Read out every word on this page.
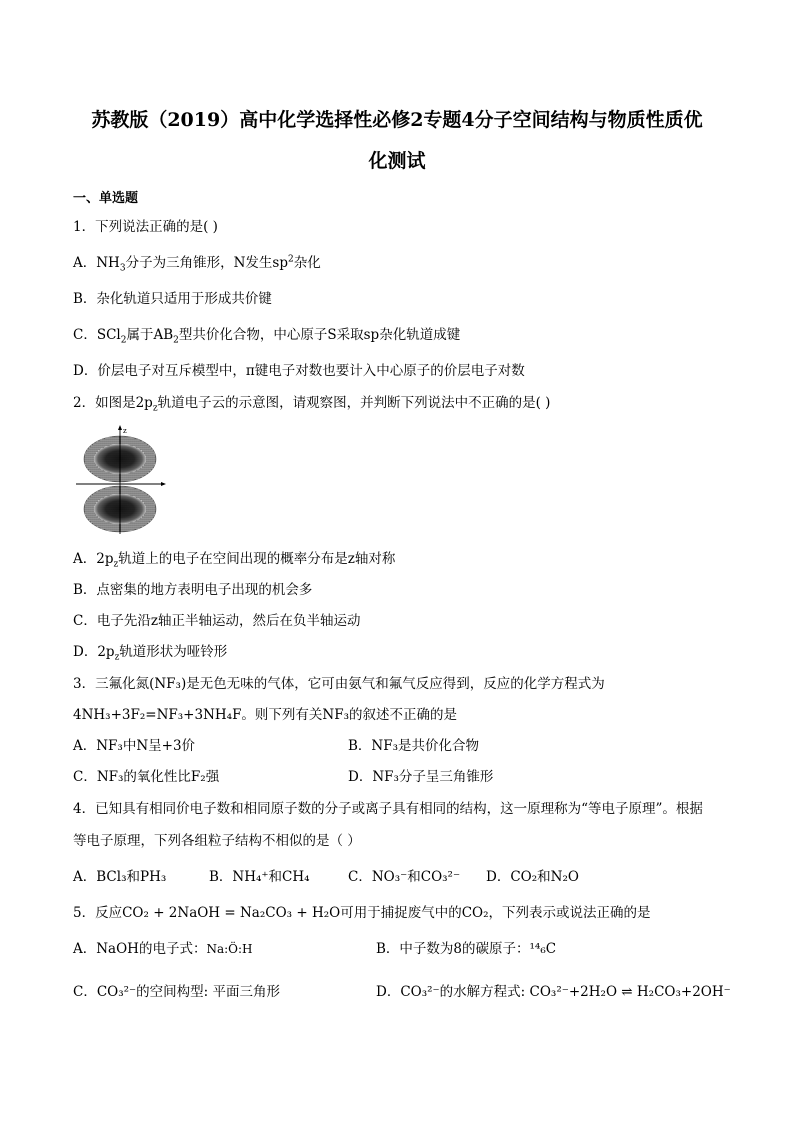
苏教版（2019）高中化学选择性必修2专题4分子空间结构与物质性质优
化测试
一、单选题
1．下列说法正确的是( )
A．$NH_3$分子为三角锥形，N发生$sp^2$杂化
B．杂化轨道只适用于形成共价键
C．SCl$_2$属于$AB_2$型共价化合物，中心原子S采取sp杂化轨道成键
D．价层电子对互斥模型中，π键电子对数也要计入中心原子的价层电子对数
2．如图是$2p_z$轨道电子云的示意图，请观察图，并判断下列说法中不正确的是( )
z
A．$2p_z$轨道上的电子在空间出现的概率分布是z轴对称
B．点密集的地方表明电子出现的机会多
C．电子先沿z轴正半轴运动，然后在负半轴运动
D．$2p_z$轨道形状为哑铃形
3．三氟化氮(NF₃)是无色无味的气体，它可由氨气和氟气反应得到，反应的化学方程式为
4NH₃+3F₂=NF₃+3NH₄F。则下列有关NF₃的叙述不正确的是
A．NF₃中N呈+3价	B．NF₃是共价化合物
C．NF₃的氧化性比F₂强	D．NF₃分子呈三角锥形
4．已知具有相同价电子数和相同原子数的分子或离子具有相同的结构，这一原理称为“等电子原理”。根据
等电子原理，下列各组粒子结构不相似的是（ ）
A．BCl₃和PH₃	B．NH₄⁺和CH₄	C．NO₃⁻和CO₃²⁻ D．CO₂和N₂O
5．反应CO₂ + 2NaOH = Na₂CO₃ + H₂O可用于捕捉废气中的CO₂，下列表示或说法正确的是
A．NaOH的电子式：Na:Ö:H	B．中子数为8的碳原子：¹⁴₆C
C．CO₃²⁻的空间构型: 平面三角形	D．CO₃²⁻的水解方程式: CO₃²⁻+2H₂O ⇌ H₂CO₃+2OH⁻
